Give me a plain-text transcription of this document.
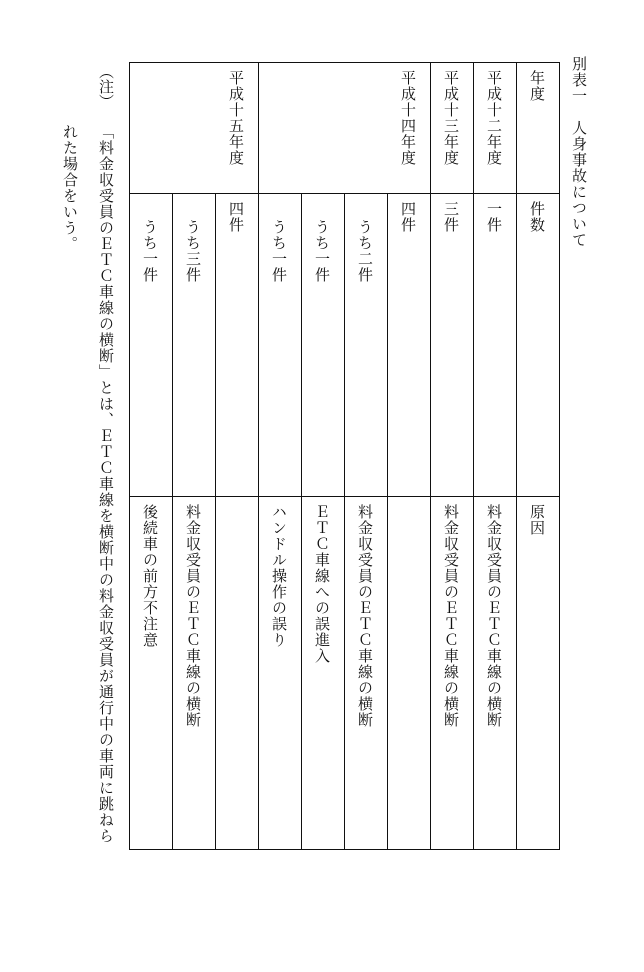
別表一　人身事故について
年度
件数
原因
平成十二年度
一件
料金収受員のＥＴＣ車線の横断
平成十三年度
三件
料金収受員のＥＴＣ車線の横断
平成十四年度
四件
うち二件
料金収受員のＥＴＣ車線の横断
うち一件
ＥＴＣ車線への誤進入
うち一件
ハンドル操作の誤り
平成十五年度
四件
うち三件
料金収受員のＥＴＣ車線の横断
うち一件
後続車の前方不注意
（注）
「料金収受員のＥＴＣ車線の横断」とは、ＥＴＣ車線を横断中の料金収受員が通行中の車両に跳ねら
れた場合をいう。
